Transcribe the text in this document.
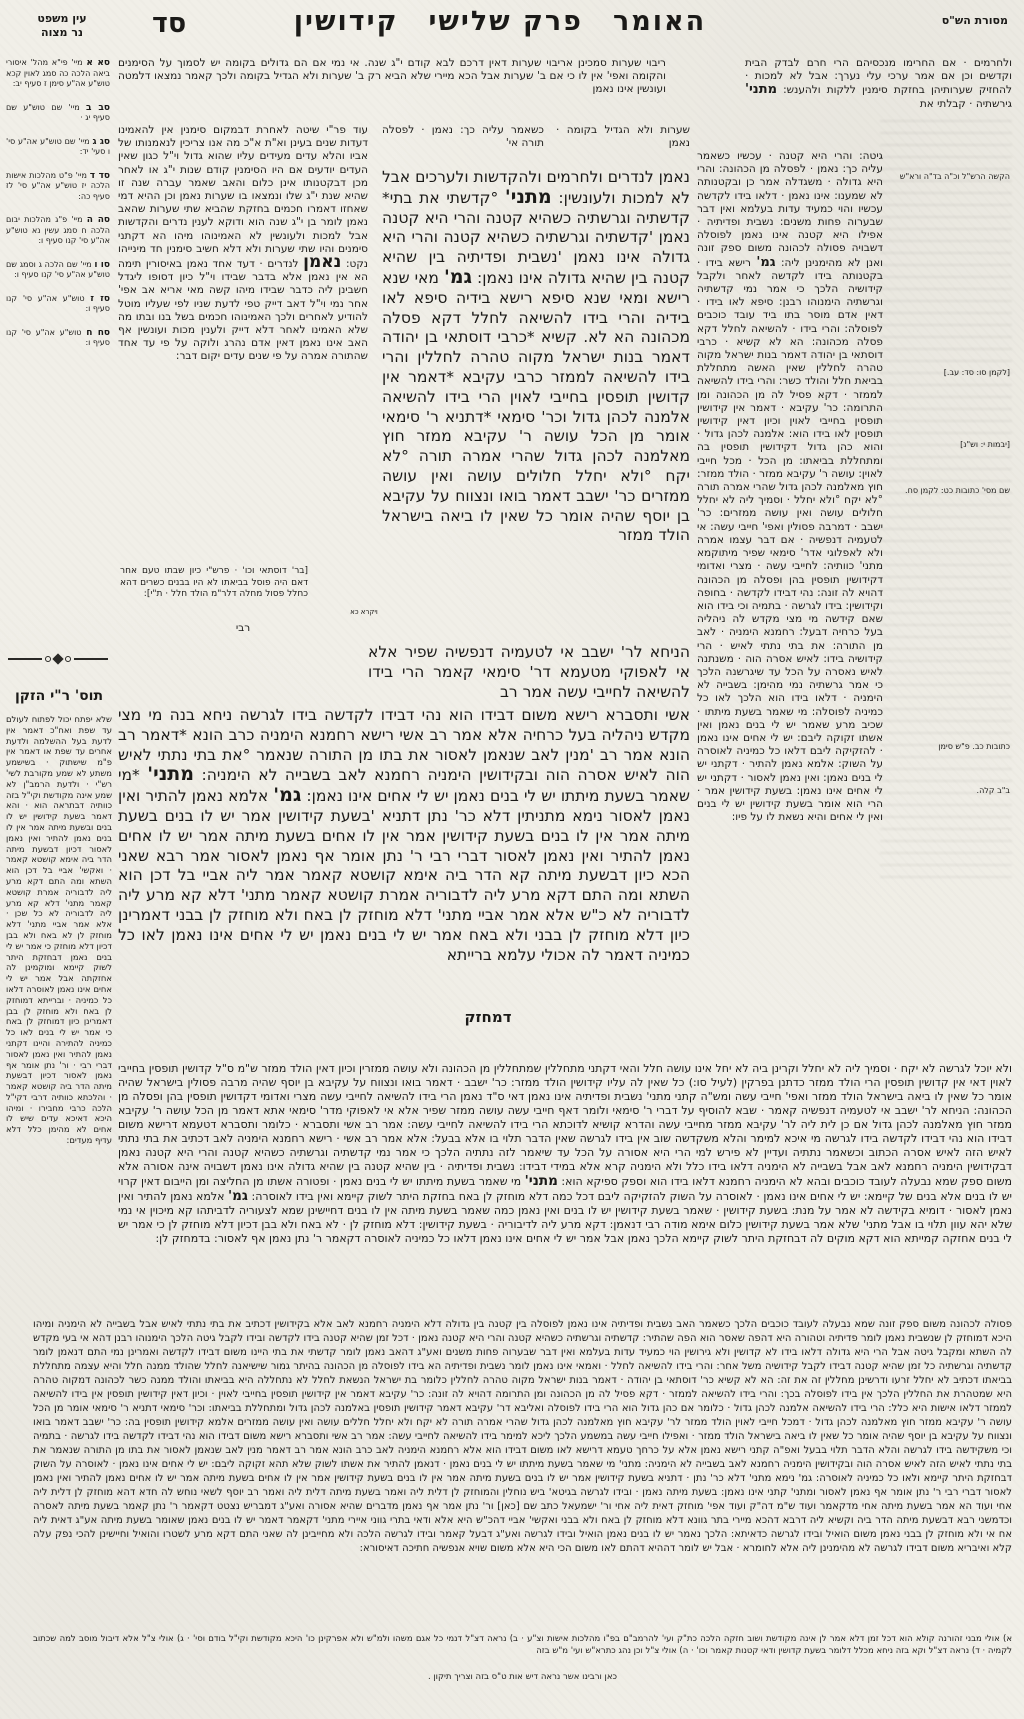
מסורת הש"ס
האומר
פרק שלישי
קידושין
סד
עין משפט
נר מצוה
סא א מיי' פי"א מהל' איסורי ביאה הלכה כה סמג לאוין קכא טוש"ע אה"ע סימן ז סעיף יב:
סב ב מיי' שם טוש"ע שם סעיף יג ·
סג ג מיי' שם טוש"ע אה"ע סי' ו סעי' יד:
סד ד מיי' פ"ט מהלכות אישות הלכה יז טוש"ע אה"ע סי' לז סעיף כה:
סה ה מיי' פ"ג מהלכות יבום הלכה ח סמג עשין נא טוש"ע אה"ע סי' קנו סעיף ו:
סו ו מיי' שם הלכה ג וסמג שם טוש"ע אה"ע סי' קנו סעיף ו:
סז ז טוש"ע אה"ע סי' קנו סעיף ו:
סח ח טוש"ע אה"ע סי' קנו סעיף ו:
הקשה הרש"ל וכ"ה בד"ה ורא"ש
[לקמן סו: סד: עב.]
[יבמות י: וש"נ]
שם מסי' כתובות כט: לקמן סח.
כתובות כב. פ"ש סימן
ב"ב קלה.
ריבוי שערות סמכינן אריבוי שערות דאין דרכם לבא קודם י"ג שנה. אי נמי אם הם גדולים בקומה יש לסמוך על הסימנים והקומה ואפי' אין לו כי אם ב' שערות אבל הכא מיירי שלא הביא רק ב' שערות ולא הגדיל בקומה ולכך קאמר נמצאו דלמטה ועונשין אינו נאמן
עוד פר"י שיטה לאחרת דבמקום סימנין אין להאמינו דעדות שנים בעינן וא"ת א"כ מה אנו צריכין לנאמנותו של אביו והלא עדים מעידים עליו שהוא גדול וי"ל כגון שאין העדים יודעים אם היו הסימנין קודם שנות י"ג או לאחר מכן דבקטנותו אינן כלום והאב שאמר עברה שנה זו שהיא שנת י"ג שלו ונמצאו בו שערות נאמן וכן ההיא דמי שאחזו דאמרו חכמים בחזקת שהביא שתי שערות שהאב נאמן לומר בן י"ג שנה הוא ודוקא לענין נדרים והקדשות אבל למכות ולעונשין לא האמינוהו מיהו הא דקתני סימנים והיו שתי שערות ולא דלא חשיב סימנין חד מינייהו נקט: נאמן לנדרים · דעד אחד נאמן באיסורין תימה הא אין נאמן אלא בדבר שבידו וי"ל כיון דסופו ליגדל חשבינן ליה כדבר שבידו מיהו קשה מאי אריא אב אפי' אחר נמי וי"ל דאב דייק טפי לדעת שניו לפי שעליו מוטל להודיע לאחרים ולכך האמינוהו חכמים בשל בנו ובתו מה שלא האמינו לאחר דלא דייק ולענין מכות ועונשין אף האב אינו נאמן דאין אדם נהרג ולוקה על פי עד אחד שהתורה אמרה על פי שנים עדים יקום דבר:
[בר' דוסתאי וכו' · פרש"י כיון שבתו טעם אחר דאם היה פוסל בביאתו לא היו בבנים כשרים דהא כחלל פסול מחלה דלר"מ הולד חלל · ת"י]:
רבי
ולחרמים · אם החרימו מנכסיהם הרי חרם לבדק הבית וקדשים וכן אם אמר ערכי עלי נערך: אבל לא למכות · להחזיק שערותיהן בחזקת סימנין ללקות ולהענש: מתני' גירשתיה · קבלתי את
גיטה: והרי היא קטנה · עכשיו כשאמר עליה כך: נאמן · לפסלה מן הכהונה: והרי היא גדולה · משגדלה אמר כן ובקטנותה לא שמענו: אינו נאמן · דלאו בידו לקדשה עכשיו והוי כמעיד עדות בעלמא ואין דבר שבערוה פחות משנים: נשבית ופדיתיה · אפילו היא קטנה אינו נאמן לפוסלה דשבויה פסולה לכהונה משום ספק זונה ואנן לא מהימנינן ליה: גמ' רישא בידו · בקטנותה בידו לקדשה לאחר ולקבל קידושיה הלכך כי אמר נמי קדשתיה וגרשתיה הימנוהו רבנן: סיפא לאו בידו · דאין אדם מוסר בתו ביד עובד כוכבים לפוסלה: והרי בידו · להשיאה לחלל דקא פסלה מכהונה: הא לא קשיא · כרבי דוסתאי בן יהודה דאמר בנות ישראל מקוה טהרה לחללין שאין האשה מתחללת בביאת חלל והולד כשר: והרי בידו להשיאה לממזר · דקא פסיל לה מן הכהונה ומן התרומה: כר' עקיבא · דאמר אין קידושין תופסין בחייבי לאוין וכיון דאין קידושין תופסין לאו בידו הוא: אלמנה לכהן גדול · והוא כהן גדול דקידושין תופסין בה ומתחללת בביאתו: מן הכל · מכל חייבי לאוין: עושה ר' עקיבא ממזר · הולד ממזר: חוץ מאלמנה לכהן גדול שהרי אמרה תורה °לא יקח °ולא יחלל · וסמיך ליה לא יחלל חלולים עושה ואין עושה ממזרים: כר' ישבב · דמרבה פסולין ואפי' חייבי עשה: אי לטעמיה דנפשיה · אם דבר עצמו אמרה ולא לאפלוגי אדר' סימאי שפיר מיתוקמא מתני' כוותיה: לחייבי עשה · מצרי ואדומי דקידושין תופסין בהן ופסלה מן הכהונה דהויא לה זונה: נהי דבידו לקדשה · בחופה וקידושין: בידו לגרשה · בתמיה וכי בידו הוא שאם קידשה מי מצי מקדש לה ניהליה בעל כרחיה דבעל: רחמנא הימניה · לאב מן התורה: את בתי נתתי לאיש · הרי קידושיה בידו: לאיש אסרה הוה · משנתנה לאיש נאסרה על הכל עד שיגרשנה הלכך כי אמר גרשתיה נמי מהימן: בשבייה לא הימניה · דלאו בידו הוא הלכך לאו כל כמיניה לפוסלה: מי שאמר בשעת מיתתו · שכיב מרע שאמר יש לי בנים נאמן ואין אשתו זקוקה ליבם: יש לי אחים אינו נאמן · להזקיקה ליבם דלאו כל כמיניה לאוסרה על השוק: אלמא נאמן להתיר · דקתני יש לי בנים נאמן: ואין נאמן לאסור · דקתני יש לי אחים אינו נאמן: בשעת קידושין אמר · הרי הוא אומר בשעת קידושין יש לי בנים ואין לי אחים והיא נשאת לו על פיו:
כשאמר עליה כך: נאמן · לפסלה תורה אי'
שערות ולא הגדיל בקומה · נאמן
ויקרא כא
נאמן לנדרים ולחרמים ולהקדשות ולערכים אבל לא למכות ולעונשין: מתני' °קדשתי את בתי* קדשתיה וגרשתיה כשהיא קטנה והרי היא קטנה נאמן 'קדשתיה וגרשתיה כשהיא קטנה והרי היא גדולה אינו נאמן 'נשבית ופדיתיה בין שהיא קטנה בין שהיא גדולה אינו נאמן: גמ' מאי שנא רישא ומאי שנא סיפא רישא בידיה סיפא לאו בידיה והרי בידו להשיאה לחלל דקא פסלה מכהונה הא לא. קשיא *כרבי דוסתאי בן יהודה דאמר בנות ישראל מקוה טהרה לחללין והרי בידו להשיאה לממזר כרבי עקיבא *דאמר אין קדושין תופסין בחייבי לאוין הרי בידו להשיאה אלמנה לכהן גדול וכר' סימאי *דתניא ר' סימאי אומר מן הכל עושה ר' עקיבא ממזר חוץ מאלמנה לכהן גדול שהרי אמרה תורה °לא יקח °ולא יחלל חלולים עושה ואין עושה ממזרים כר' ישבב דאמר בואו ונצווח על עקיבא בן יוסף שהיה אומר כל שאין לו ביאה בישראל הולד ממזר
הניחא לר' ישבב אי לטעמיה דנפשיה שפיר אלא אי לאפוקי מטעמא דר' סימאי קאמר הרי בידו להשיאה לחייבי עשה אמר רב
אשי ותסברא רישא משום דבידו הוא נהי דבידו לקדשה בידו לגרשה ניחא בנה מי מצי מקדש ניהליה בעל כרחיה אלא אמר רב אשי רישא רחמנא הימניה כרב הונא *דאמר רב הונא אמר רב 'מנין לאב שנאמן לאסור את בתו מן התורה שנאמר °את בתי נתתי לאיש הוה לאיש אסרה הוה ובקידושין הימניה רחמנא לאב בשבייה לא הימניה: מתני' *מי שאמר בשעת מיתתו יש לי בנים נאמן יש לי אחים אינו נאמן: גמ' אלמא נאמן להתיר ואין נאמן לאסור נימא מתניתין דלא כר' נתן דתניא 'בשעת קידושין אמר יש לו בנים בשעת מיתה אמר אין לו בנים בשעת קידושין אמר אין לו אחים בשעת מיתה אמר יש לו אחים נאמן להתיר ואין נאמן לאסור דברי רבי ר' נתן אומר אף נאמן לאסור אמר רבא שאני הכא כיון דבשעת מיתה קא הדר ביה אימא קושטא קאמר אמר ליה אביי בל דכן הוא השתא ומה התם דקא מרע ליה לדבוריה אמרת קושטא קאמר מתני' דלא קא מרע ליה לדבוריה לא כ"ש אלא אמר אביי מתני' דלא מוחזק לן באח ולא מוחזק לן בבני דאמרינן כיון דלא מוחזק לן בבני ולא באח אמר יש לי בנים נאמן יש לי אחים אינו נאמן לאו כל כמיניה דאמר לה אכולי עלמא ברייתא
דמחזק
ולא יוכל לגרשה לא יקח · וסמיך ליה לא יחלל וקרינן ביה לא יחל אינו עושה חלל והאי דקתני מתחללין שמתחללין מן הכהונה ולא עושה ממזרין וכיון דאין הולד ממזר ש"מ ס"ל קדושין תופסין בחייבי לאוין דאי אין קדושין תופסין הרי הולד ממזר כדתנן בפרקין (לעיל סו:) כל שאין לה עליו קידושין הולד ממזר: כר' ישבב · דאמר בואו ונצווח על עקיבא בן יוסף שהיה מרבה פסולין בישראל שהיה אומר כל שאין לו ביאה בישראל הולד ממזר ואפי' חייבי עשה ומש"ה קתני מתני' נשבית ופדיתיה אינו נאמן דאי ס"ד נאמן הרי בידו להשיאה לחייבי עשה מצרי ואדומי דקדושין תופסין בהן ופסלה מן הכהונה: הניחא לר' ישבב אי לטעמיה דנפשיה קאמר · שבא להוסיף על דברי ר' סימאי ולומר דאף חייבי עשה עושה ממזר שפיר אלא אי לאפוקי מדר' סימאי אתא דאמר מן הכל עושה ר' עקיבא ממזר חוץ מאלמנה לכהן גדול אם כן לית ליה לר' עקיבא ממזר מחייבי עשה והדרא קושיא לדוכתא הרי בידו להשיאה לחייבי עשה: אמר רב אשי ותסברא · כלומר ותסברא דטעמא דרישא משום דבידו הוא נהי דבידו לקדשה בידו לגרשה מי איכא למימר והלא משקדשה שוב אין בידו לגרשה שאין הדבר תלוי בו אלא בבעל: אלא אמר רב אשי · רישא רחמנא הימניה לאב דכתיב את בתי נתתי לאיש הזה לאיש אסרה הכתוב וכשאמר נתתיה ועדיין לא פירש למי הרי היא אסורה על הכל עד שיאמר לזה נתתיה הלכך כי אמר נמי קדשתיה וגרשתיה כשהיא קטנה והרי היא קטנה נאמן דבקידושין הימניה רחמנא לאב אבל בשבייה לא הימניה דלאו בידו כלל ולא הימניה קרא אלא במידי דבידו: נשבית ופדיתיה · בין שהיא קטנה בין שהיא גדולה אינו נאמן דשבויה אינה אסורה אלא משום ספק שמא נבעלה לעובד כוכבים ובהא לא הימניה רחמנא דלאו בידו הוא וספק ספיקא הוא: מתני' מי שאמר בשעת מיתתו יש לי בנים נאמן · ופטורה אשתו מן החליצה ומן הייבום דאין קרוי יש לו בנים אלא בנים של קיימא: יש לי אחים אינו נאמן · לאוסרה על השוק להזקיקה ליבם דכל כמה דלא מוחזק לן באח בחזקת היתר לשוק קיימא ואין בידו לאוסרה: גמ' אלמא נאמן להתיר ואין נאמן לאסור · דומיא בקידשה לא אמר על מנת: בשעת קידושין · שאמר בשעת קידושין יש לו בנים ואין נאמן כמה שאמר בשעת מיתה אין לו בנים דחיישינן שמא לצעוריה לדביתהו קא מיכוין אי נמי שלא יהא עוון תלוי בו אבל מתני' שלא אמר בשעת קידושין כלום אימא מודה רבי דנאמן: דקא מרע ליה לדיבוריה · בשעת קידושין: דלא מוחזק לן · לא באח ולא בבן דכיון דלא מוחזק לן כי אמר יש לי בנים אחזקה קמייתא הוא דקא מוקים לה דבחזקת היתר לשוק קיימא הלכך נאמן אבל אמר יש לי אחים אינו נאמן דלאו כל כמיניה לאוסרה דקאמר ר' נתן נאמן אף לאסור: בדמחזק לן:
תוס' ר"י הזקן
שלא יפתח יכול לפתוח לעולם עד שפת ואח"כ דאמר אין לדעת בעל ההשלמה ולדעת אחרים עד שפת או דאמר אין פ"מ שישתוק · בשישמע משתע לא שמע מקורבת לשי' רש"י · ולדעת הרמב"ן לא שמע אינה מקודשת וקי"ל בזה כוותיה דבתראה הוא · והא דאמר בשעת קידושין יש לו בנים ובשעת מיתה אמר אין לו בנים נאמן להתיר ואין נאמן לאסור דכיון דבשעת מיתה הדר ביה אימא קושטא קאמר · ואקשי' אביי בל דכן הוא השתא ומה התם דקא מרע ליה לדבוריה אמרת קושטא קאמר מתני' דלא קא מרע ליה לדבוריה לא כל שכן · אלא אמר אביי מתני' דלא מוחזק לן לא באח ולא בבן דכיון דלא מוחזק כי אמר יש לי בנים נאמן דבחזקת היתר לשוק קיימא ומוקמינן לה אחזקתה אבל אמר יש לי אחים אינו נאמן לאוסרה דלאו כל כמיניה · וברייתא דמוחזק לן באח ולא מוחזק לן בבן דאמרינן כיון דמוחזק לן באח כי אמר יש לי בנים לאו כל כמיניה להתירה והיינו דקתני נאמן להתיר ואין נאמן לאסור דברי רבי · ור' נתן אומר אף נאמן לאסור דכיון דבשעת מיתה הדר ביה קושטא קאמר · והלכתא כוותיה דרבי דקי"ל הלכה כרבי מחבירו · ומיהו היכא דאיכא עדים שיש לו אחים לא מהימן כלל דלא עדיף מעדים:
פסולה לכהונה משום ספק זונה שמא נבעלה לעובד כוכבים הלכך כשאמר האב נשבית ופדיתיה אינו נאמן לפוסלה בין קטנה בין גדולה דלא הימניה רחמנא לאב אלא בקידושין דכתיב את בתי נתתי לאיש אבל בשבייה לא הימניה ומיהו היכא דמוחזק לן שנשבית נאמן לומר פדיתיה וטהורה היא דהפה שאסר הוא הפה שהתיר: קדשתיה וגרשתיה כשהיא קטנה והרי היא קטנה נאמן · דכל זמן שהיא קטנה בידו לקדשה ובידו לקבל גיטה הלכך הימנוהו רבנן דהא אי בעי מקדש לה השתא ומקבל גיטה אבל הרי היא גדולה דלאו בידו לא קדושין ולא גירושין הוי כמעיד עדות בעלמא ואין דבר שבערוה פחות משנים ואע"ג דהאב נאמן לומר קדשתי את בתי היינו משום דבידו לקדשה ואמרינן נמי התם דנאמן לומר קדשתיה וגרשתיה כל זמן שהיא קטנה דבידו לקבל קידושיה משל אחר: והרי בידו להשיאה לחלל · ואמאי אינו נאמן לומר נשבית ופדיתיה הא בידו לפוסלה מן הכהונה בהיתר גמור שישיאנה לחלל שהולד ממנה חלל והיא עצמה מתחללת בביאתו דכתיב לא יחלל זרעו ודרשינן מחללין זה את זה: הא לא קשיא כר' דוסתאי בן יהודה · דאמר בנות ישראל מקוה טהרה לחללין כלומר בת ישראל הנשאת לחלל לא נתחללה היא בביאתו והולד ממנה כשר לכהונה דמקוה טהרה היא שמטהרת את החללין הלכך אין בידו לפוסלה בכך: והרי בידו להשיאה לממזר · דקא פסיל לה מן הכהונה ומן התרומה דהויא לה זונה: כר' עקיבא דאמר אין קידושין תופסין בחייבי לאוין · וכיון דאין קידושין תופסין אין בידו להשיאה לממזר דלאו אישות היא כלל: הרי בידו להשיאה אלמנה לכהן גדול · כלומר אם כהן גדול הוא הרי בידו לפוסלה ואליבא דר' עקיבא דאמר קידושין תופסין באלמנה לכהן גדול ומתחללת בביאתו: וכר' סימאי דתניא ר' סימאי אומר מן הכל עושה ר' עקיבא ממזר חוץ מאלמנה לכהן גדול · דמכל חייבי לאוין הולד ממזר לר' עקיבא חוץ מאלמנה לכהן גדול שהרי אמרה תורה לא יקח ולא יחלל חללים עושה ואין עושה ממזרים אלמא קידושין תופסין בה: כר' ישבב דאמר בואו ונצווח על עקיבא בן יוסף שהיה אומר כל שאין לו ביאה בישראל הולד ממזר · ואפילו חייבי עשה במשמע הלכך ליכא למימר בידו להשיאה לחייבי עשה: אמר רב אשי ותסברא רישא משום דבידו הוא נהי דבידו לקדשה בידו לגרשה · בתמיה וכי משקידשה בידו לגרשה והלא הדבר תלוי בבעל ואפ"ה קתני רישא נאמן אלא על כרחך טעמא דרישא לאו משום דבידו הוא אלא רחמנא הימניה לאב כרב הונא אמר רב דאמר מנין לאב שנאמן לאסור את בתו מן התורה שנאמר את בתי נתתי לאיש הזה לאיש אסרה הוה ובקידושין הימניה רחמנא לאב בשבייה לא הימניה: מתני' מי שאמר בשעת מיתתו יש לי בנים נאמן · דנאמן להתיר את אשתו לשוק שלא תהא זקוקה ליבם: יש לי אחים אינו נאמן · לאוסרה על השוק דבחזקת היתר קיימא ולאו כל כמיניה לאוסרה: גמ' נימא מתני' דלא כר' נתן · דתניא בשעת קידושין אמר יש לו בנים בשעת מיתה אמר אין לו בנים בשעת קידושין אמר אין לו אחים בשעת מיתה אמר יש לו אחים נאמן להתיר ואין נאמן לאסור דברי רבי ר' נתן אומר אף נאמן לאסור ומתני' קתני אינו נאמן: בשעת מיתה נאמן · ובידו לגרשה בגיטא' ביש נוחלין והמוחזק לן דלית ליה ואמר בשעת מיתה דלית ליה ואמר רב יוסף לשאי נוחש לה חדא דהא מוחזק לן דלית ליה אחי ועוד הא אמר בשעת מיתה אחי מדקאמר ועוד ש"מ דה"ק ועוד אפי' מוחזק דאית ליה אחי ור' ישמעאל כתב שם [כאן] ור' נתן אמר אף נאמן מדברים שהיא אסורה ואע"ג דמבריש נצטט דקאמר ר' נתן קאמר בשעת מיתה לאסרה וכדמשני רבא דבשעת מיתה הדר ביה וקשיא ליה דרבא דהכא מיירי בתר גוונא דלא מוחזק לן באח ולא בבני ואקשי' אביי דהכ"ש היא אלא ודאי בתרי גווני איירי מתני' דקאמר דאמר יש לו בנים נאמן שאומר בשעת מיתה אע"ג דאית ליה אח אי ולא מוחזק לן בבני נאמן משום הואיל ובידו לגרשה כדאיתא: הלכך נאמר יש לו בנים נאמן הואיל ובידו לגרשה ואע"ג דבעל קאמר ובידו לגרשה הלכה ולא מחייבינן לה שאני התם דקא מרע לשטרו והואיל וחיישינן להכי נפק עלה קלא ואיבריא משום דבידו לגרשה לא מהימנינן ליה אלא לחומרא · אבל יש לומר דההיא דהתם לאו משום הכי היא אלא משום שויא אנפשיה חתיכה דאיסורא:
א) אולי מבני זהורנה קולא הוא דכל זמן דלא אמר לן אינה מקודשת ושוב חזקה הלכה כת"ק ועי' להרמב"ם בפ"ו מהלכות אישות וצ"ע · ב) נראה דצ"ל דנמי כל אגם משהו ולמ"ש ולא אפרקינן כו' היכא מקודשת וקי"ל בודם וסי' · ג) אולי צ"ל אלא דיבול מוסב למה שכתוב לקמיה · ד) נראה דצ"ל וקא בזה ניחא מכלל דלומר בשעת קדושין ודאי קטנות קאמר וכו' · ה) אולי צ"ל וכן נהג כתרא"ש ועי' מ"ש בזה
כאן ורבינו אשר נראה דיש אות ט"ס בזה וצריך תיקון .
